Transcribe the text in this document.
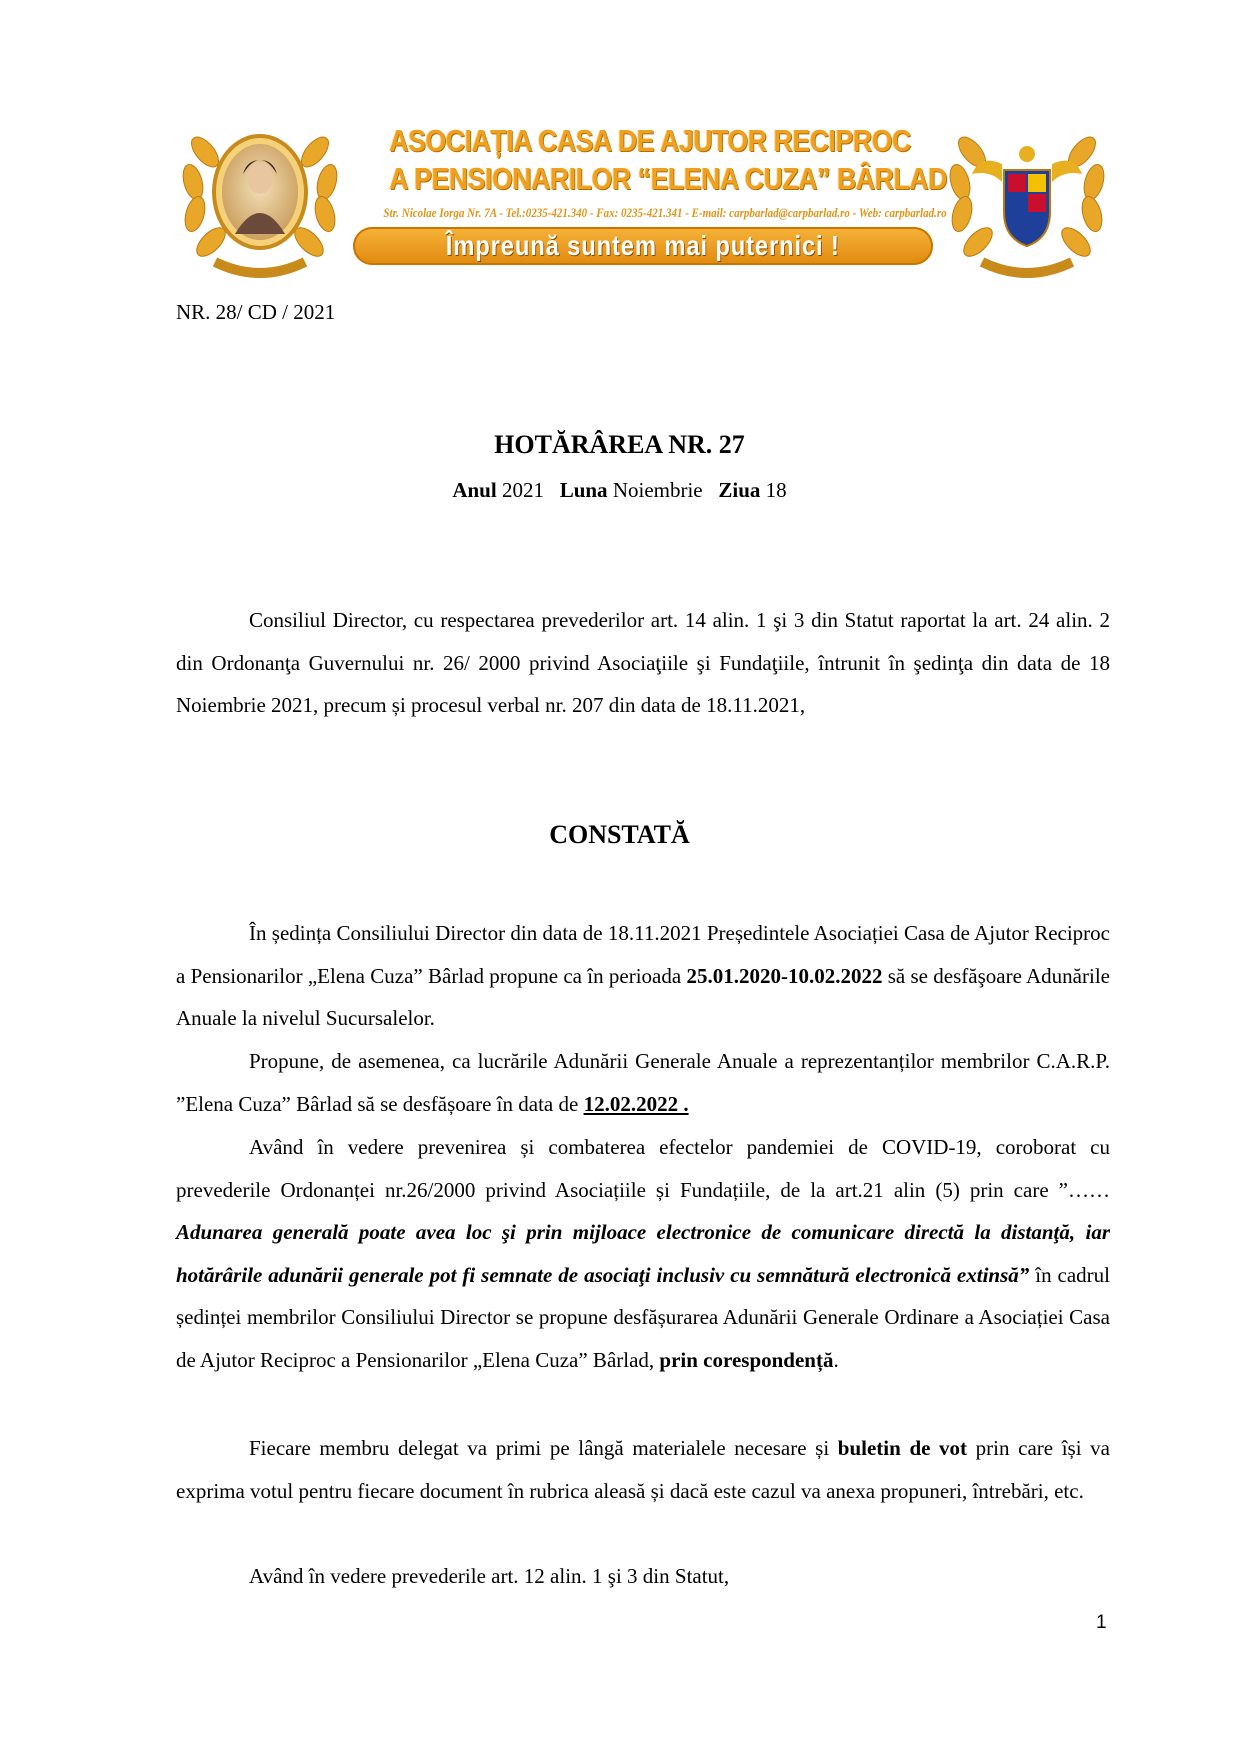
ASOCIAȚIA CASA DE AJUTOR RECIPROC
A PENSIONARILOR “ELENA CUZA” BÂRLAD
Str. Nicolae Iorga Nr. 7A - Tel.:0235-421.340 - Fax: 0235-421.341 - E-mail: carpbarlad@carpbarlad.ro - Web: carpbarlad.ro
Împreună suntem mai puternici !
NR. 28/ CD / 2021
HOTĂRÂREA NR. 27
Anul 2021 Luna Noiembrie Ziua 18

Consiliul Director, cu respectarea prevederilor art. 14 alin. 1 şi 3 din Statut raportat la art. 24 alin. 2 din Ordonanţa Guvernului nr. 26/ 2000 privind Asociaţiile şi Fundaţiile, întrunit în şedinţa din data de 18 Noiembrie 2021, precum și procesul verbal nr. 207 din data de 18.11.2021,

CONSTATĂ

În ședința Consiliului Director din data de 18.11.2021 Președintele Asociației Casa de Ajutor Reciproc a Pensionarilor „Elena Cuza” Bârlad propune ca în perioada 25.01.2020-10.02.2022 să se desfăşoare Adunările Anuale la nivelul Sucursalelor.

Propune, de asemenea, ca lucrările Adunării Generale Anuale a reprezentanților membrilor C.A.R.P. ”Elena Cuza” Bârlad să se desfășoare în data de 12.02.2022 .

Având în vedere prevenirea și combaterea efectelor pandemiei de COVID-19, coroborat cu prevederile Ordonanței nr.26/2000 privind Asociațiile și Fundațiile, de la art.21 alin (5) prin care ”…… Adunarea generală poate avea loc şi prin mijloace electronice de comunicare directă la distanţă, iar hotărârile adunării generale pot fi semnate de asociaţi inclusiv cu semnătură electronică extinsă” în cadrul ședinței membrilor Consiliului Director se propune desfășurarea Adunării Generale Ordinare a Asociației Casa de Ajutor Reciproc a Pensionarilor „Elena Cuza” Bârlad, prin corespondență.

Fiecare membru delegat va primi pe lângă materialele necesare și buletin de vot prin care își va exprima votul pentru fiecare document în rubrica aleasă și dacă este cazul va anexa propuneri, întrebări, etc.

Având în vedere prevederile art. 12 alin. 1 şi 3 din Statut,

1
